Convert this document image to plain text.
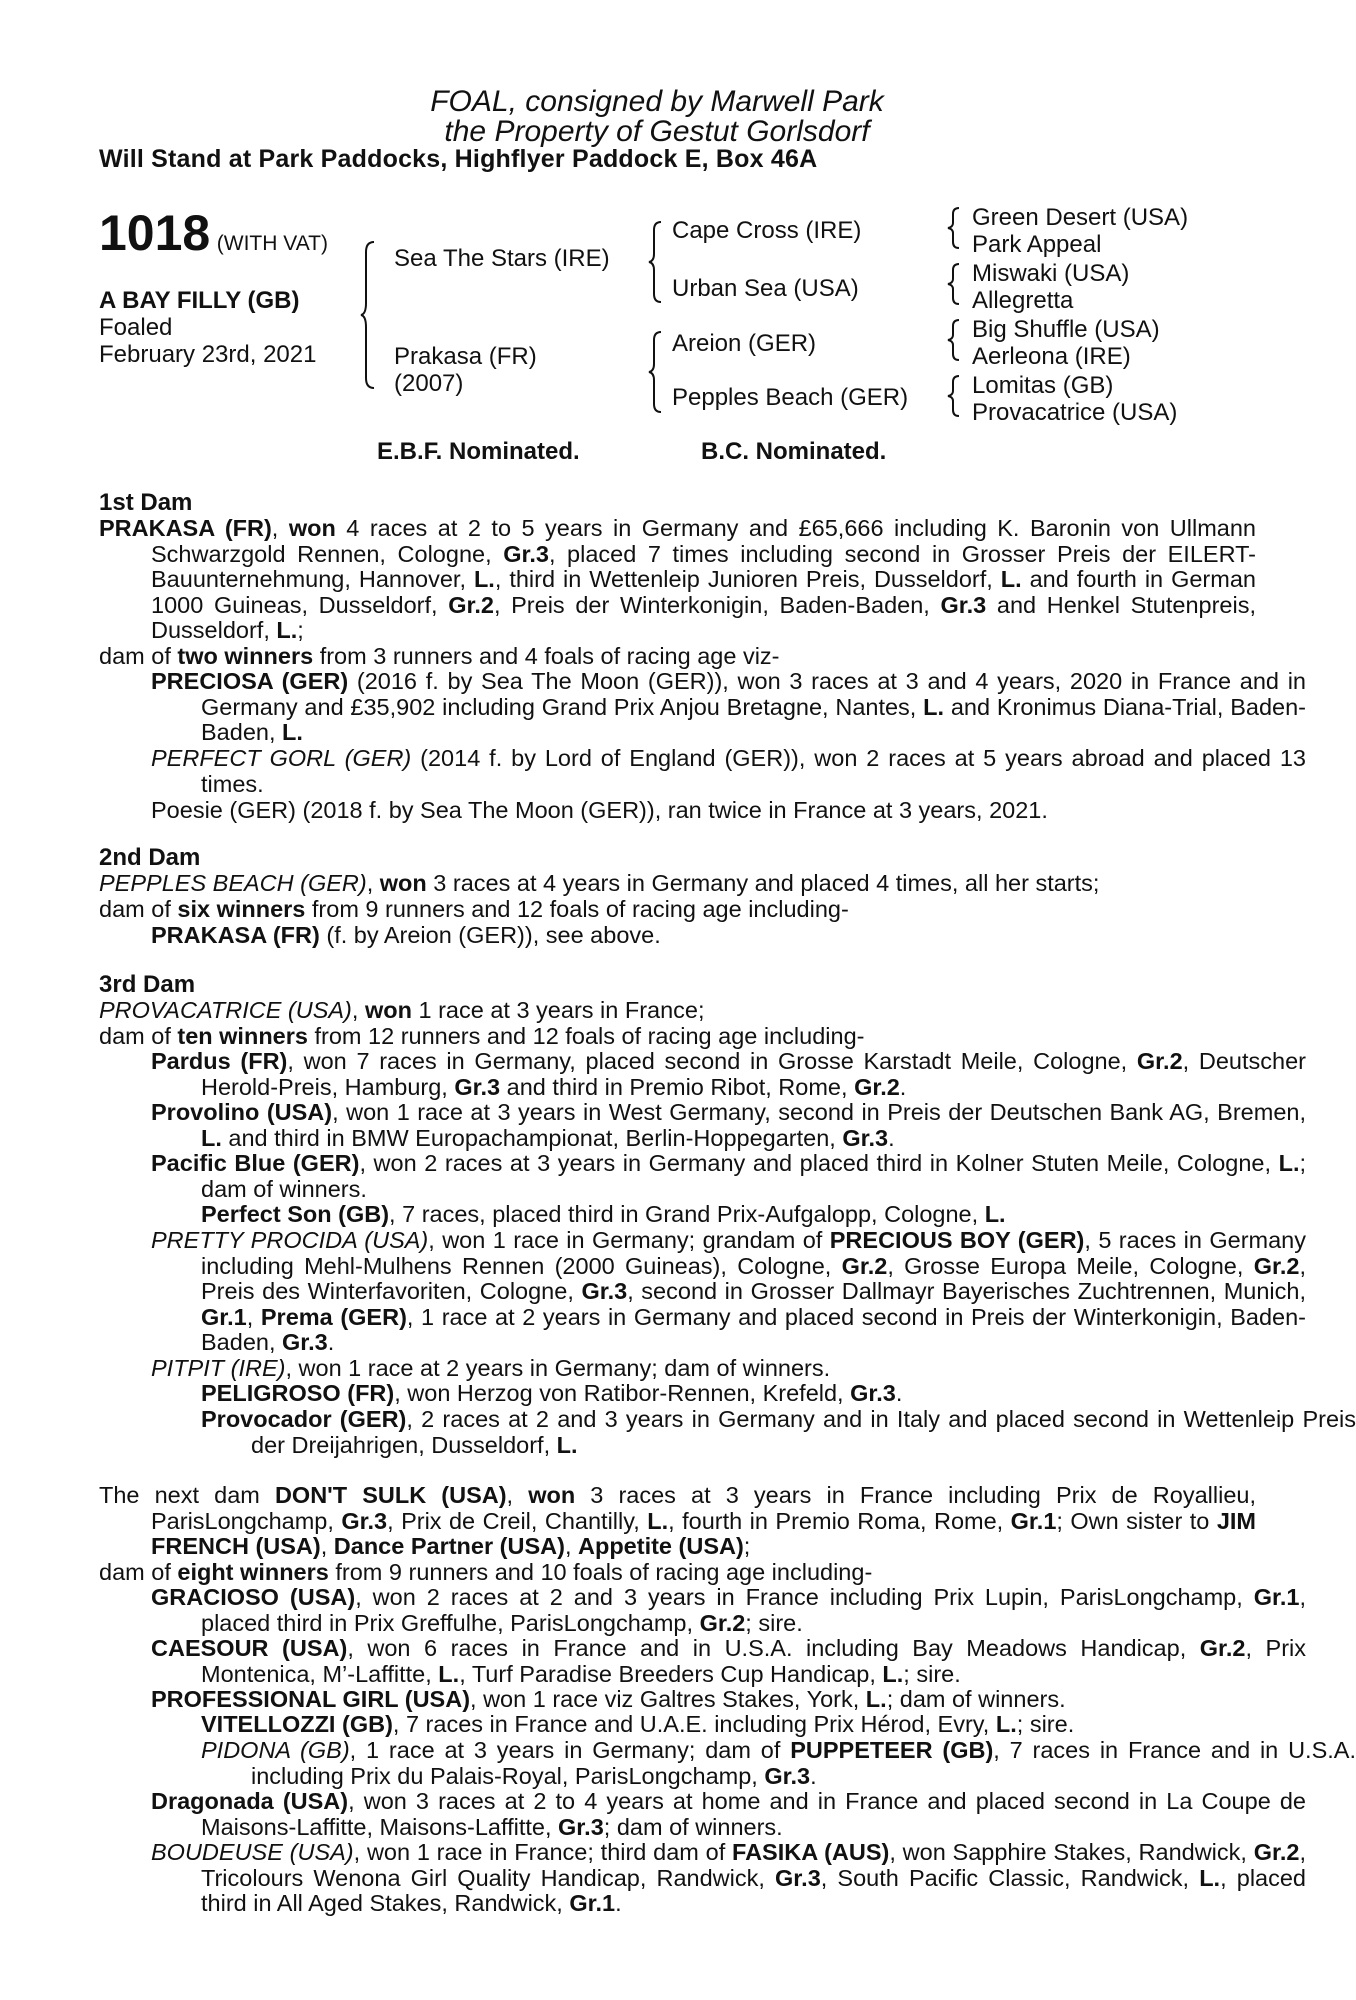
FOAL, consigned by Marwell Park
the Property of Gestut Gorlsdorf
Will Stand at Park Paddocks, Highflyer Paddock E, Box 46A
1018 (WITH VAT)
A BAY FILLY (GB)
Foaled
February 23rd, 2021
Sea The Stars (IRE)
Prakasa (FR)
(2007)
Cape Cross (IRE)
Urban Sea (USA)
Areion (GER)
Pepples Beach (GER)
Green Desert (USA)
Park Appeal
Miswaki (USA)
Allegretta
Big Shuffle (USA)
Aerleona (IRE)
Lomitas (GB)
Provacatrice (USA)
E.B.F. Nominated.	B.C. Nominated.
1st Dam
PRAKASA (FR), won 4 races at 2 to 5 years in Germany and £65,666 including K. Baronin von Ullmann Schwarzgold Rennen, Cologne, Gr.3, placed 7 times including second in Grosser Preis der EILERT-Bauunternehmung, Hannover, L., third in Wettenleip Junioren Preis, Dusseldorf, L. and fourth in German 1000 Guineas, Dusseldorf, Gr.2, Preis der Winterkonigin, Baden-Baden, Gr.3 and Henkel Stutenpreis, Dusseldorf, L.;
dam of two winners from 3 runners and 4 foals of racing age viz-
PRECIOSA (GER) (2016 f. by Sea The Moon (GER)), won 3 races at 3 and 4 years, 2020 in France and in Germany and £35,902 including Grand Prix Anjou Bretagne, Nantes, L. and Kronimus Diana-Trial, Baden-Baden, L.
PERFECT GORL (GER) (2014 f. by Lord of England (GER)), won 2 races at 5 years abroad and placed 13 times.
Poesie (GER) (2018 f. by Sea The Moon (GER)), ran twice in France at 3 years, 2021.
2nd Dam
PEPPLES BEACH (GER), won 3 races at 4 years in Germany and placed 4 times, all her starts;
dam of six winners from 9 runners and 12 foals of racing age including-
PRAKASA (FR) (f. by Areion (GER)), see above.
3rd Dam
PROVACATRICE (USA), won 1 race at 3 years in France;
dam of ten winners from 12 runners and 12 foals of racing age including-
Pardus (FR), won 7 races in Germany, placed second in Grosse Karstadt Meile, Cologne, Gr.2, Deutscher Herold-Preis, Hamburg, Gr.3 and third in Premio Ribot, Rome, Gr.2.
Provolino (USA), won 1 race at 3 years in West Germany, second in Preis der Deutschen Bank AG, Bremen, L. and third in BMW Europachampionat, Berlin-Hoppegarten, Gr.3.
Pacific Blue (GER), won 2 races at 3 years in Germany and placed third in Kolner Stuten Meile, Cologne, L.; dam of winners.
Perfect Son (GB), 7 races, placed third in Grand Prix-Aufgalopp, Cologne, L.
PRETTY PROCIDA (USA), won 1 race in Germany; grandam of PRECIOUS BOY (GER), 5 races in Germany including Mehl-Mulhens Rennen (2000 Guineas), Cologne, Gr.2, Grosse Europa Meile, Cologne, Gr.2, Preis des Winterfavoriten, Cologne, Gr.3, second in Grosser Dallmayr Bayerisches Zuchtrennen, Munich, Gr.1, Prema (GER), 1 race at 2 years in Germany and placed second in Preis der Winterkonigin, Baden-Baden, Gr.3.
PITPIT (IRE), won 1 race at 2 years in Germany; dam of winners.
PELIGROSO (FR), won Herzog von Ratibor-Rennen, Krefeld, Gr.3.
Provocador (GER), 2 races at 2 and 3 years in Germany and in Italy and placed second in Wettenleip Preis der Dreijahrigen, Dusseldorf, L.
The next dam DON'T SULK (USA), won 3 races at 3 years in France including Prix de Royallieu, ParisLongchamp, Gr.3, Prix de Creil, Chantilly, L., fourth in Premio Roma, Rome, Gr.1; Own sister to JIM FRENCH (USA), Dance Partner (USA), Appetite (USA);
dam of eight winners from 9 runners and 10 foals of racing age including-
GRACIOSO (USA), won 2 races at 2 and 3 years in France including Prix Lupin, ParisLongchamp, Gr.1, placed third in Prix Greffulhe, ParisLongchamp, Gr.2; sire.
CAESOUR (USA), won 6 races in France and in U.S.A. including Bay Meadows Handicap, Gr.2, Prix Montenica, M’-Laffitte, L., Turf Paradise Breeders Cup Handicap, L.; sire.
PROFESSIONAL GIRL (USA), won 1 race viz Galtres Stakes, York, L.; dam of winners.
VITELLOZZI (GB), 7 races in France and U.A.E. including Prix Hérod, Evry, L.; sire.
PIDONA (GB), 1 race at 3 years in Germany; dam of PUPPETEER (GB), 7 races in France and in U.S.A. including Prix du Palais-Royal, ParisLongchamp, Gr.3.
Dragonada (USA), won 3 races at 2 to 4 years at home and in France and placed second in La Coupe de Maisons-Laffitte, Maisons-Laffitte, Gr.3; dam of winners.
BOUDEUSE (USA), won 1 race in France; third dam of FASIKA (AUS), won Sapphire Stakes, Randwick, Gr.2, Tricolours Wenona Girl Quality Handicap, Randwick, Gr.3, South Pacific Classic, Randwick, L., placed third in All Aged Stakes, Randwick, Gr.1.
